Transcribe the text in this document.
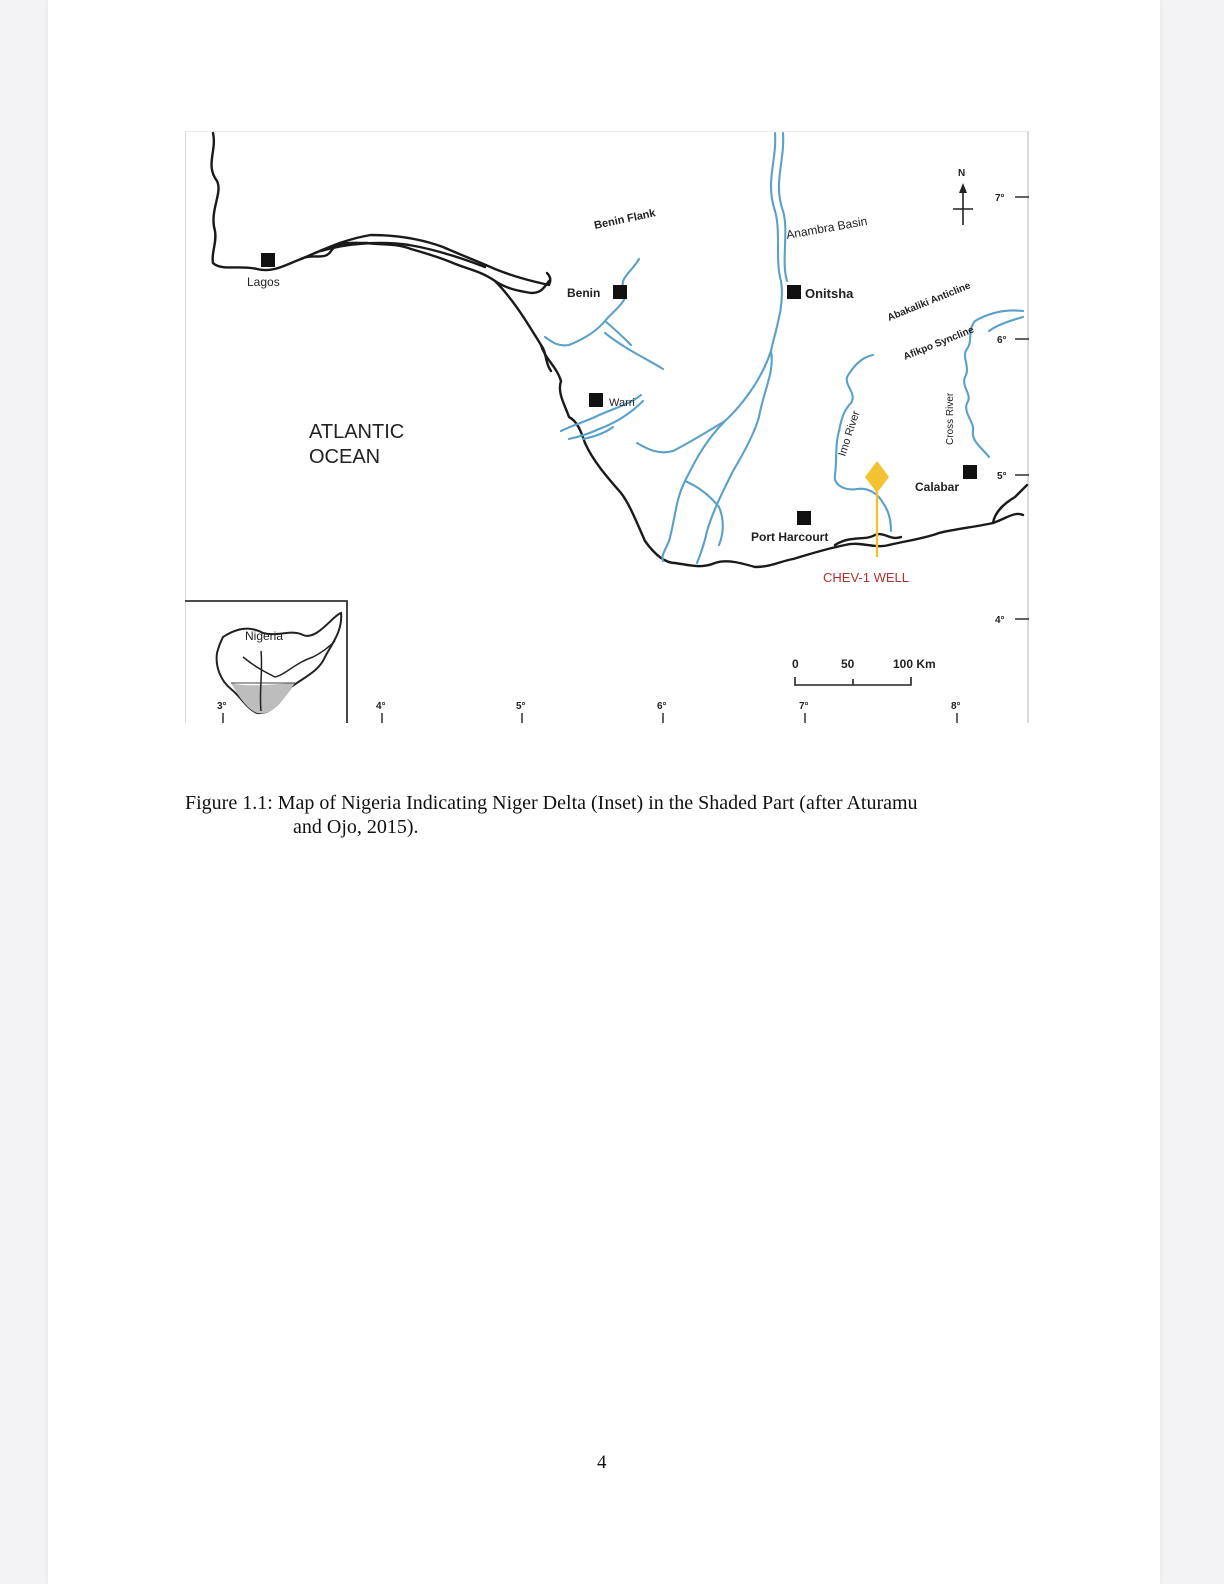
Lagos
Benin Flank
Benin
Warri
Anambra Basin
Onitsha	Abakaliki Anticline
Afikpo Syncline
Imo River	Cross River
Calabar
Port Harcourt
CHEV-1 WELL
ATLANTIC
OCEAN
N
Nigeria
0	50	100 Km
3°	4°	5°	6°	7°	8°
7°
6°
5°
4°
Figure 1.1: Map of Nigeria Indicating Niger Delta (Inset) in the Shaded Part (after Aturamu
and Ojo, 2015).
4
